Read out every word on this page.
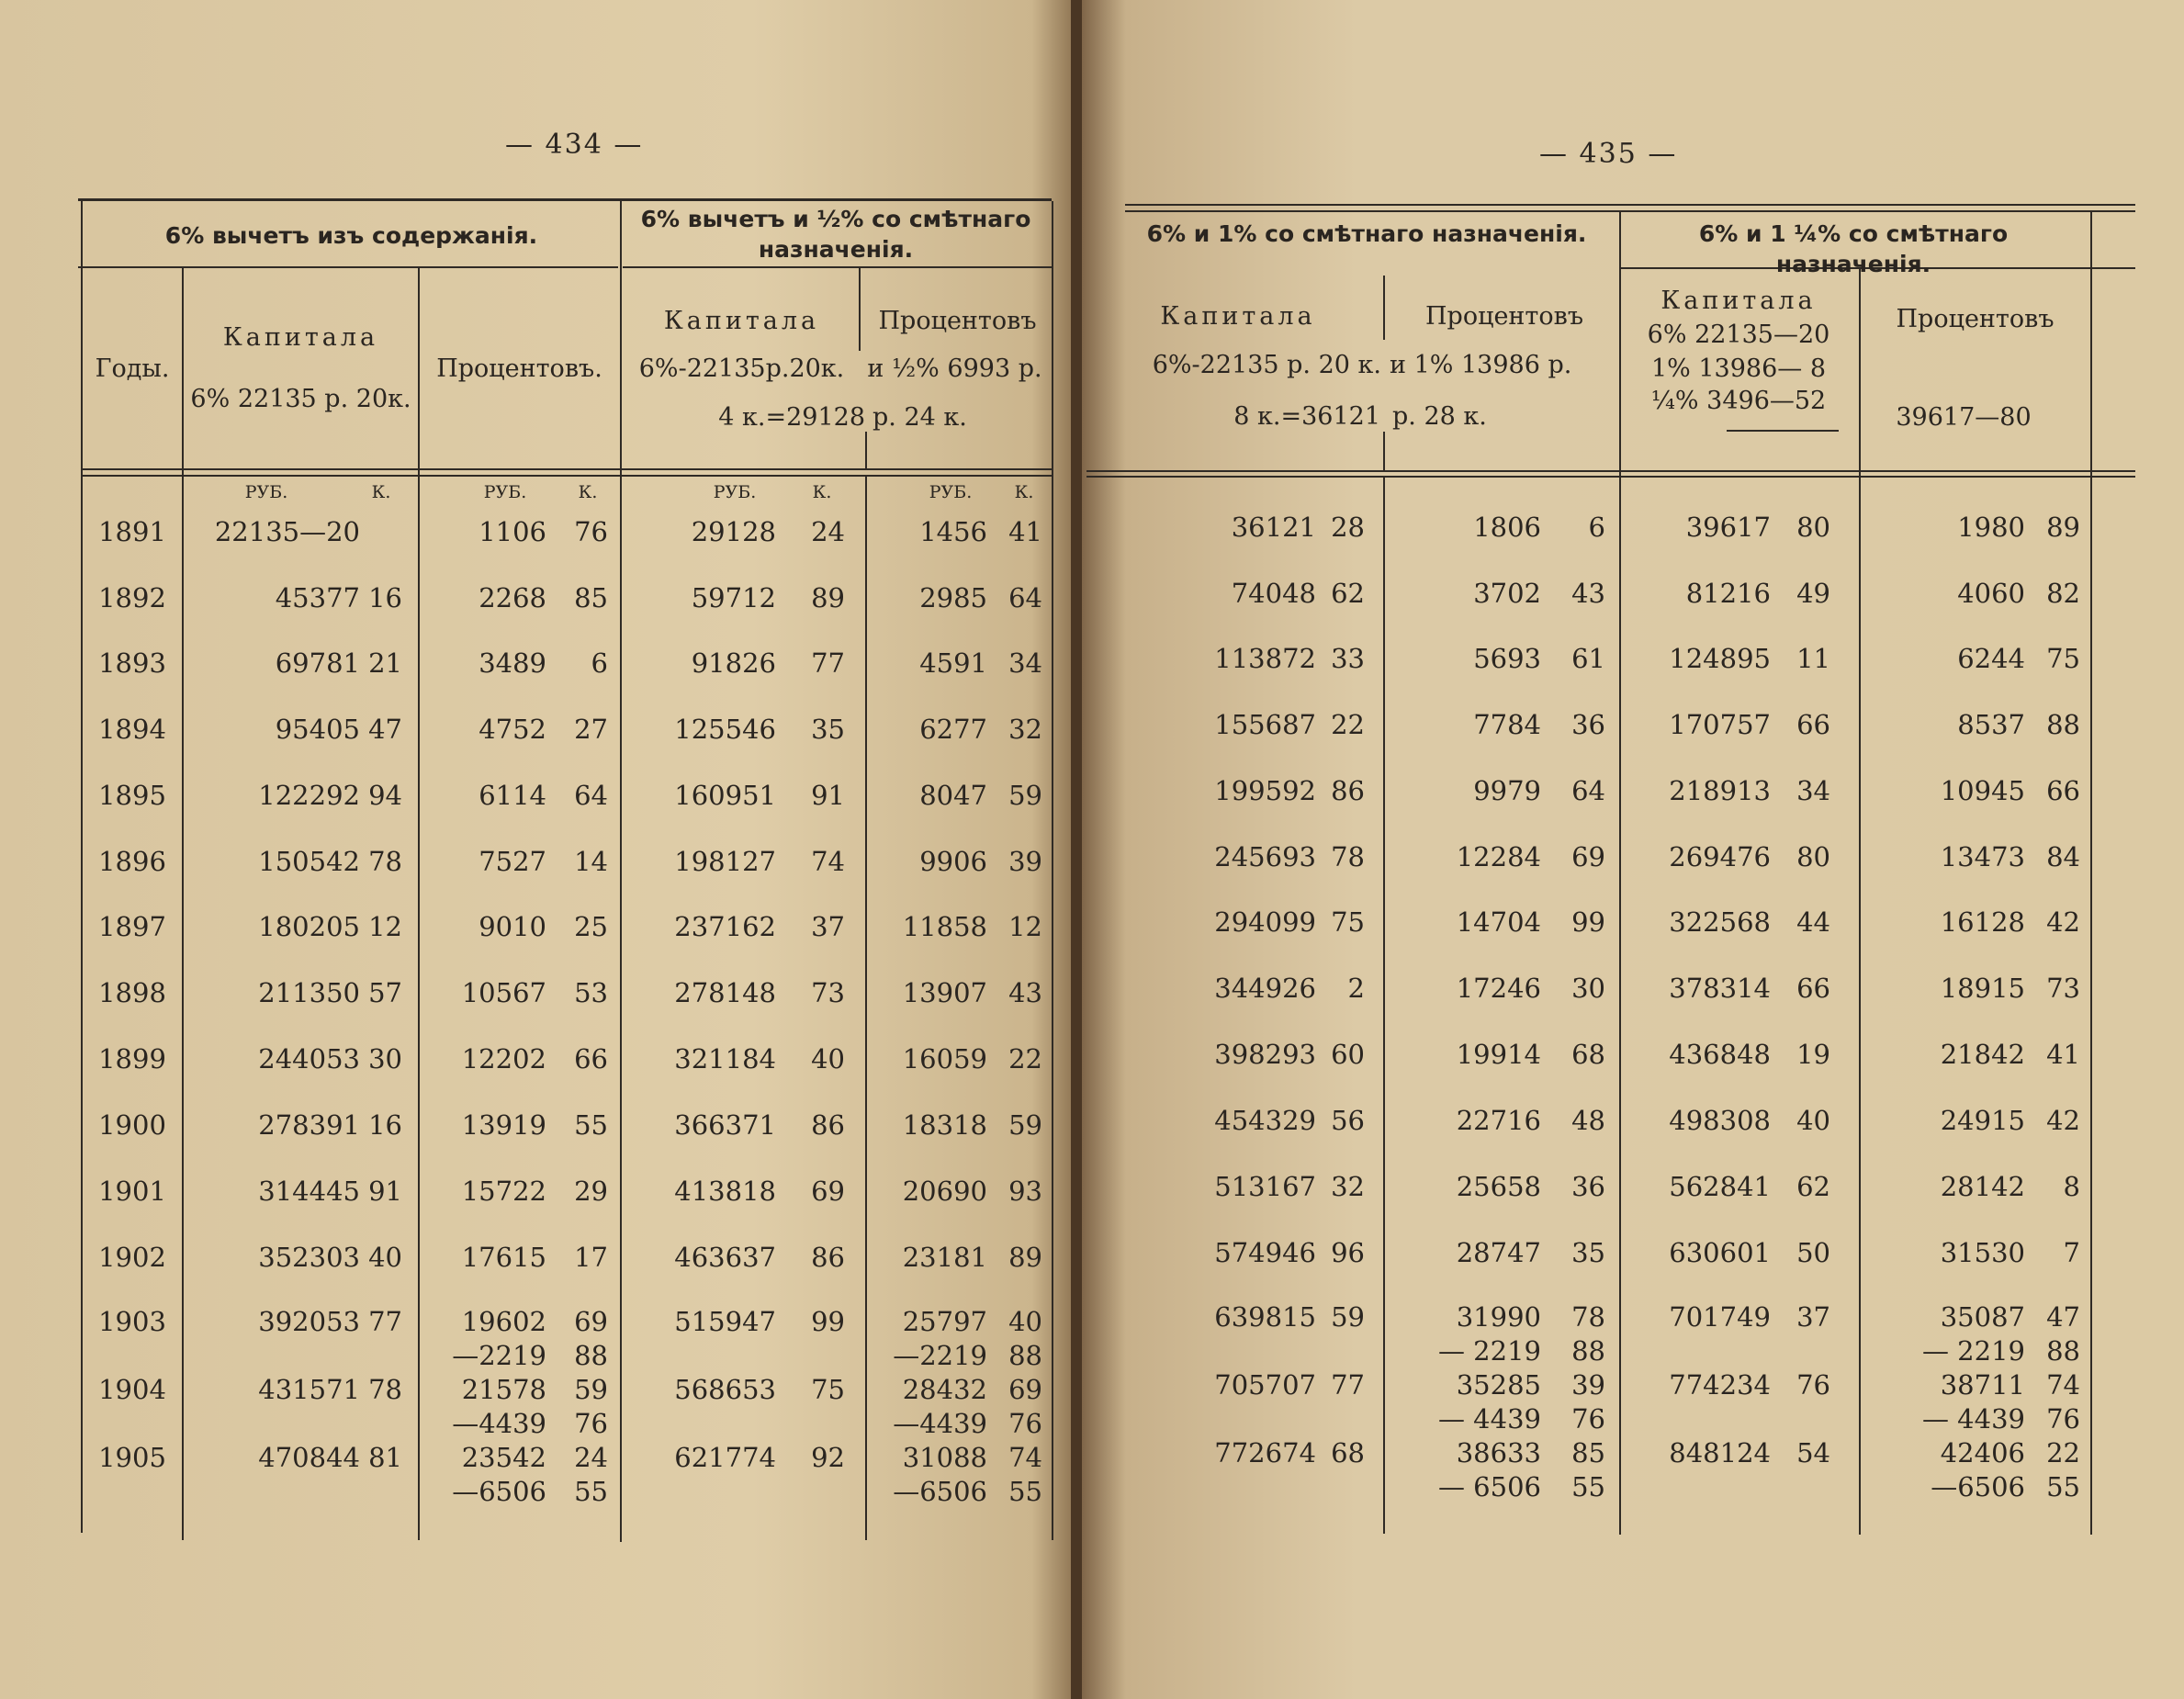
— 434 —
6% вычетъ изъ содержанія.
6% вычетъ и ½% со смѣтнаго назначенія.
Годы.
Капитала
6% 22135 р. 20к.
Процентовъ.
Капитала	Процентовъ
6%-22135р.20к. и ½% 6993 р.
4 к.=29128 р. 24 к.
РУБ.	К.	РУБ.	К.	РУБ.	К.	РУБ.	К.
1891	22135—20	1106	76	29128	24	1456 41
1892	45377 16	2268	85	59712	89	2985 64
1893	69781 21	3489	6	91826	77	4591 34
1894	95405 47	4752	27	125546	35	6277 32
1895	122292 94	6114	64	160951	91	8047 59
1896	150542 78	7527	14	198127	74	9906 39
1897	180205 12	9010	25	237162	37	11858 12
1898	211350 57	10567	53	278148	73	13907 43
1899	244053 30	12202	66	321184	40	16059 22
1900	278391 16	13919	55	366371	86	18318 59
1901	314445 91	15722	29	413818	69	20690 93
1902	352303 40	17615	17	463637	86	23181 89
1903	392053 77	19602	69	515947	99	25797 40
—2219	88	—2219 88
1904	431571 78	21578	59	568653	75	28432 69
—4439	76	—4439 76
1905	470844 81	23542	24	621774	92	31088 74
—6506	55	—6506 55
— 435 —
6% и 1% со смѣтнаго назначенія.	6% и 1 ¼% со смѣтнаго назначенія.
Капитала	Процентовъ
6%-22135 р. 20 к. и 1% 13986 р.
8 к.=36121 р. 28 к.
Капитала
6% 22135—20
1% 13986— 8
¼% 3496—52
Процентовъ
39617—80
36121 28	1806	6	39617 80	1980 89
74048 62	3702	43	81216 49	4060 82
113872 33	5693	61	124895 11	6244 75
155687 22	7784	36	170757 66	8537 88
199592 86	9979	64	218913 34	10945 66
245693 78	12284	69	269476 80	13473 84
294099 75	14704	99	322568 44	16128 42
344926	2	17246	30	378314 66	18915 73
398293 60	19914	68	436848 19	21842 41
454329 56	22716	48	498308 40	24915 42
513167 32	25658	36	562841 62	28142	8
574946 96	28747	35	630601 50	31530	7
639815 59	31990	78	701749 37	35087 47
— 2219	88	— 2219 88
705707 77	35285	39	774234 76	38711 74
— 4439	76	— 4439 76
772674 68	38633	85	848124 54	42406 22
— 6506	55	—6506 55
